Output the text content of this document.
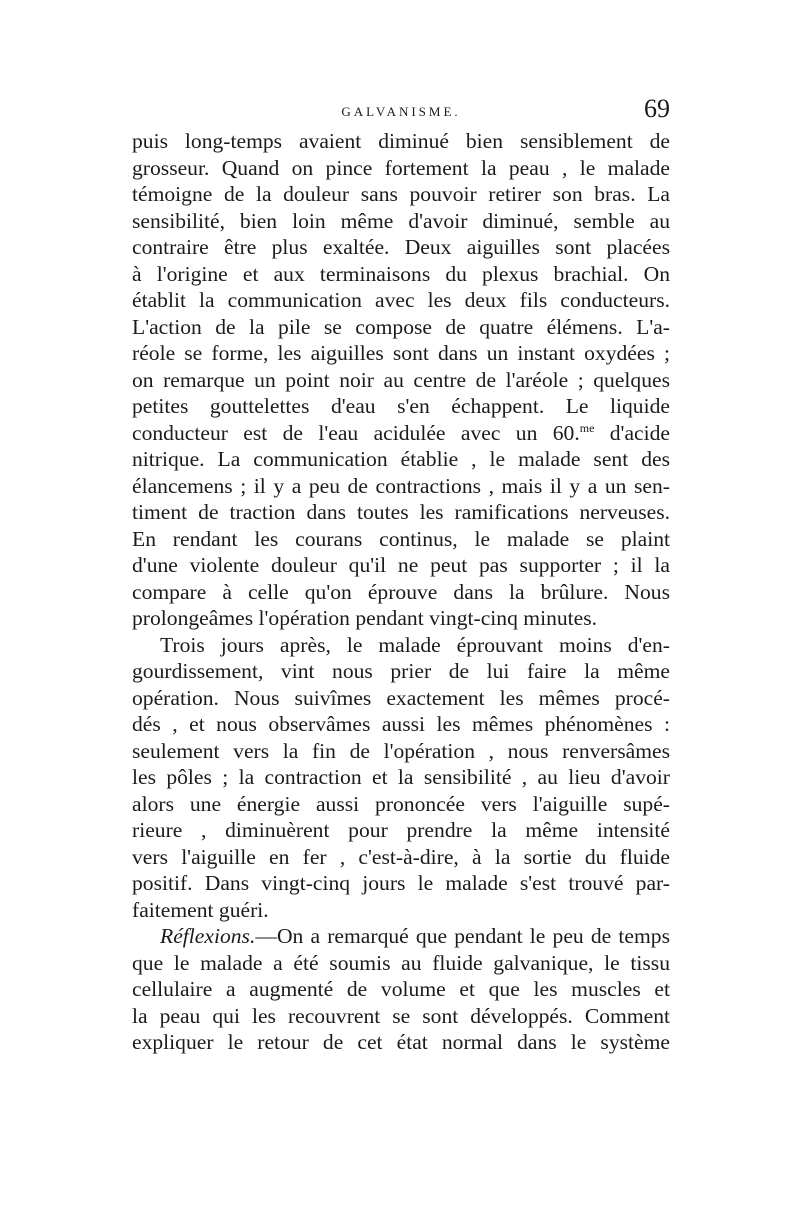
GALVANISME.	69
puis long-temps avaient diminué bien sensiblement de
grosseur. Quand on pince fortement la peau , le malade
témoigne de la douleur sans pouvoir retirer son bras. La
sensibilité, bien loin même d'avoir diminué, semble au
contraire être plus exaltée. Deux aiguilles sont placées
à l'origine et aux terminaisons du plexus brachial. On
établit la communication avec les deux fils conducteurs.
L'action de la pile se compose de quatre élémens. L'a-
réole se forme, les aiguilles sont dans un instant oxydées ;
on remarque un point noir au centre de l'aréole ; quelques
petites gouttelettes d'eau s'en échappent. Le liquide
conducteur est de l'eau acidulée avec un 60.$^{me}$ d'acide
nitrique. La communication établie , le malade sent des
élancemens ; il y a peu de contractions , mais il y a un sen-
timent de traction dans toutes les ramifications nerveuses.
En rendant les courans continus, le malade se plaint
d'une violente douleur qu'il ne peut pas supporter ; il la
compare à celle qu'on éprouve dans la brûlure. Nous
prolongeâmes l'opération pendant vingt-cinq minutes.
Trois jours après, le malade éprouvant moins d'en-
gourdissement, vint nous prier de lui faire la même
opération. Nous suivîmes exactement les mêmes procé-
dés , et nous observâmes aussi les mêmes phénomènes :
seulement vers la fin de l'opération , nous renversâmes
les pôles ; la contraction et la sensibilité , au lieu d'avoir
alors une énergie aussi prononcée vers l'aiguille supé-
rieure , diminuèrent pour prendre la même intensité
vers l'aiguille en fer , c'est-à-dire, à la sortie du fluide
positif. Dans vingt-cinq jours le malade s'est trouvé par-
faitement guéri.
Réflexions.—On a remarqué que pendant le peu de temps
que le malade a été soumis au fluide galvanique, le tissu
cellulaire a augmenté de volume et que les muscles et
la peau qui les recouvrent se sont développés. Comment
expliquer le retour de cet état normal dans le système
